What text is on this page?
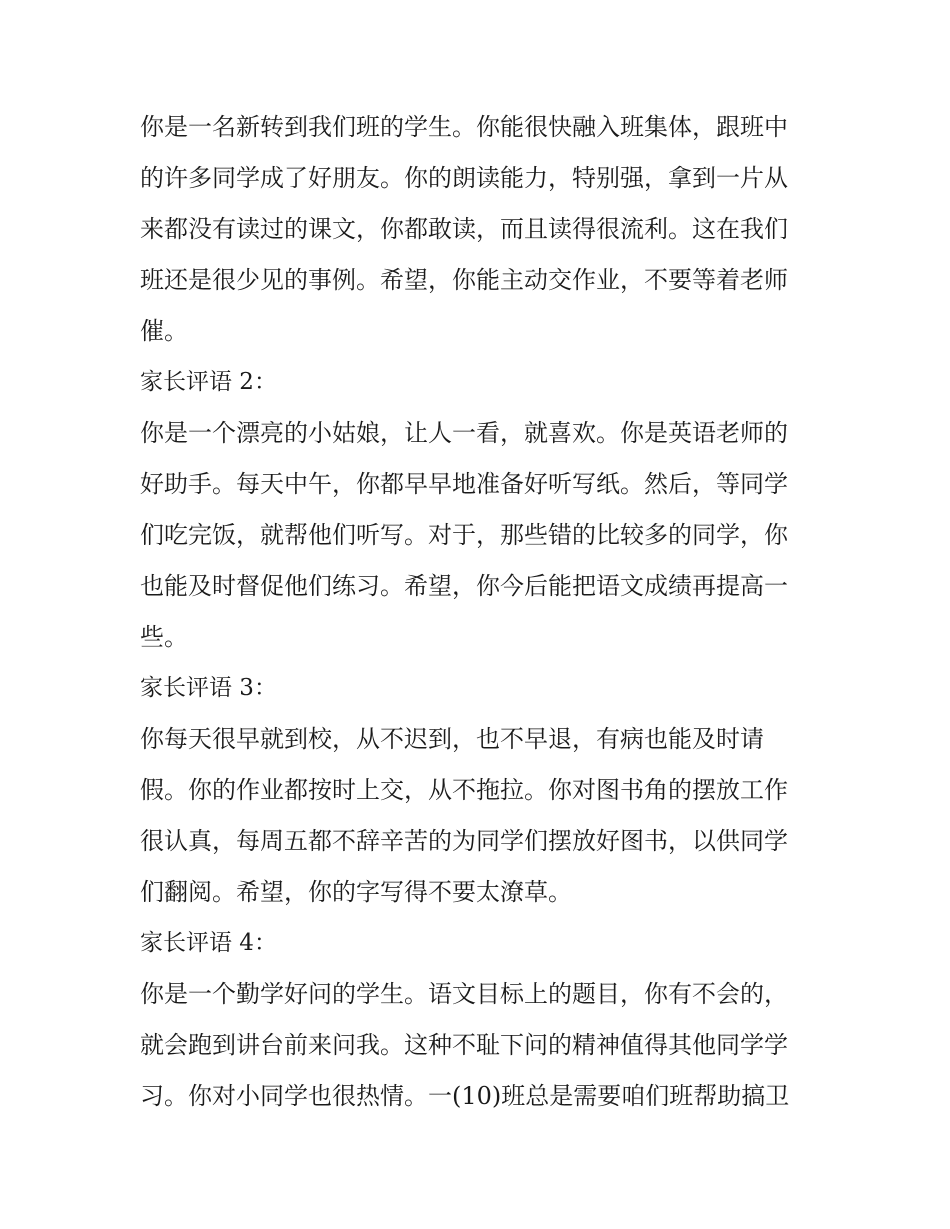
你是一名新转到我们班的学生。你能很快融入班集体，跟班中
的许多同学成了好朋友。你的朗读能力，特别强，拿到一片从
来都没有读过的课文，你都敢读，而且读得很流利。这在我们
班还是很少见的事例。希望，你能主动交作业，不要等着老师
催。
家长评语 2：
你是一个漂亮的小姑娘，让人一看，就喜欢。你是英语老师的
好助手。每天中午，你都早早地准备好听写纸。然后，等同学
们吃完饭，就帮他们听写。对于，那些错的比较多的同学，你
也能及时督促他们练习。希望，你今后能把语文成绩再提高一
些。
家长评语 3：
你每天很早就到校，从不迟到，也不早退，有病也能及时请
假。你的作业都按时上交，从不拖拉。你对图书角的摆放工作
很认真，每周五都不辞辛苦的为同学们摆放好图书，以供同学
们翻阅。希望，你的字写得不要太潦草。
家长评语 4：
你是一个勤学好问的学生。语文目标上的题目，你有不会的，
就会跑到讲台前来问我。这种不耻下问的精神值得其他同学学
习。你对小同学也很热情。一(10)班总是需要咱们班帮助搞卫
